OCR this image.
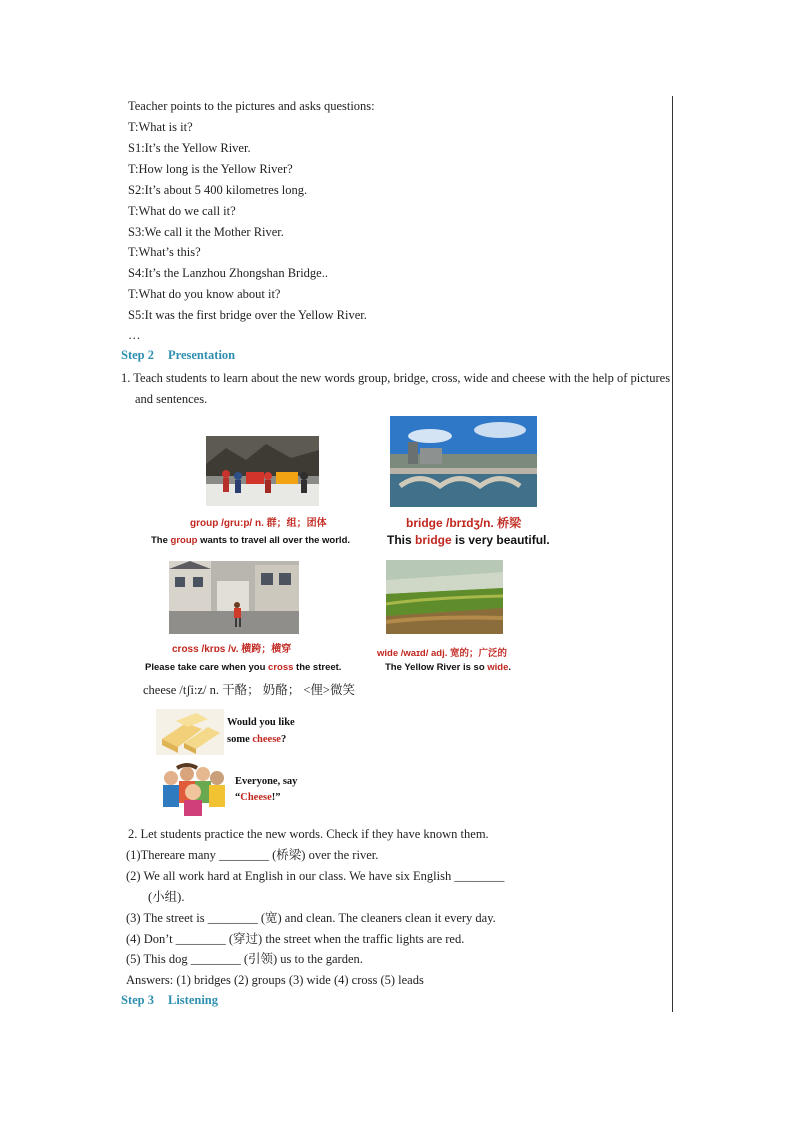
Teacher points to the pictures and asks questions:
T:What is it?
S1:It’s the Yellow River.
T:How long is the Yellow River?
S2:It’s about 5 400 kilometres long.
T:What do we call it?
S3:We call it the Mother River.
T:What’s this?
S4:It’s the Lanzhou Zhongshan Bridge..
T:What do you know about it?
S5:It was the first bridge over the Yellow River.
…
Step 2 Presentation
1. Teach students to learn about the new words group, bridge, cross, wide and cheese with the help of pictures and sentences.
group /gru:p/ n. 群；组；团体
The group wants to travel all over the world.
bridge /brɪdʒ/n. 桥梁
This bridge is very beautiful.
cross /krɒs /v. 横跨；横穿
Please take care when you cross the street.
wide /waɪd/ adj. 宽的；广泛的
The Yellow River is so wide.
cheese /tʃi:z/ n. 干酪； 奶酪； <俚>微笑
Would you like
some cheese?
Everyone, say
“Cheese!”
2. Let students practice the new words. Check if they have known them.
(1)Thereare many ________ (桥梁) over the river.
(2) We all work hard at English in our class. We have six English ________
(小组).
(3) The street is ________ (宽) and clean. The cleaners clean it every day.
(4) Don’t ________ (穿过) the street when the traffic lights are red.
(5) This dog ________ (引领) us to the garden.
Answers: (1) bridges (2) groups (3) wide (4) cross (5) leads
Step 3 Listening
